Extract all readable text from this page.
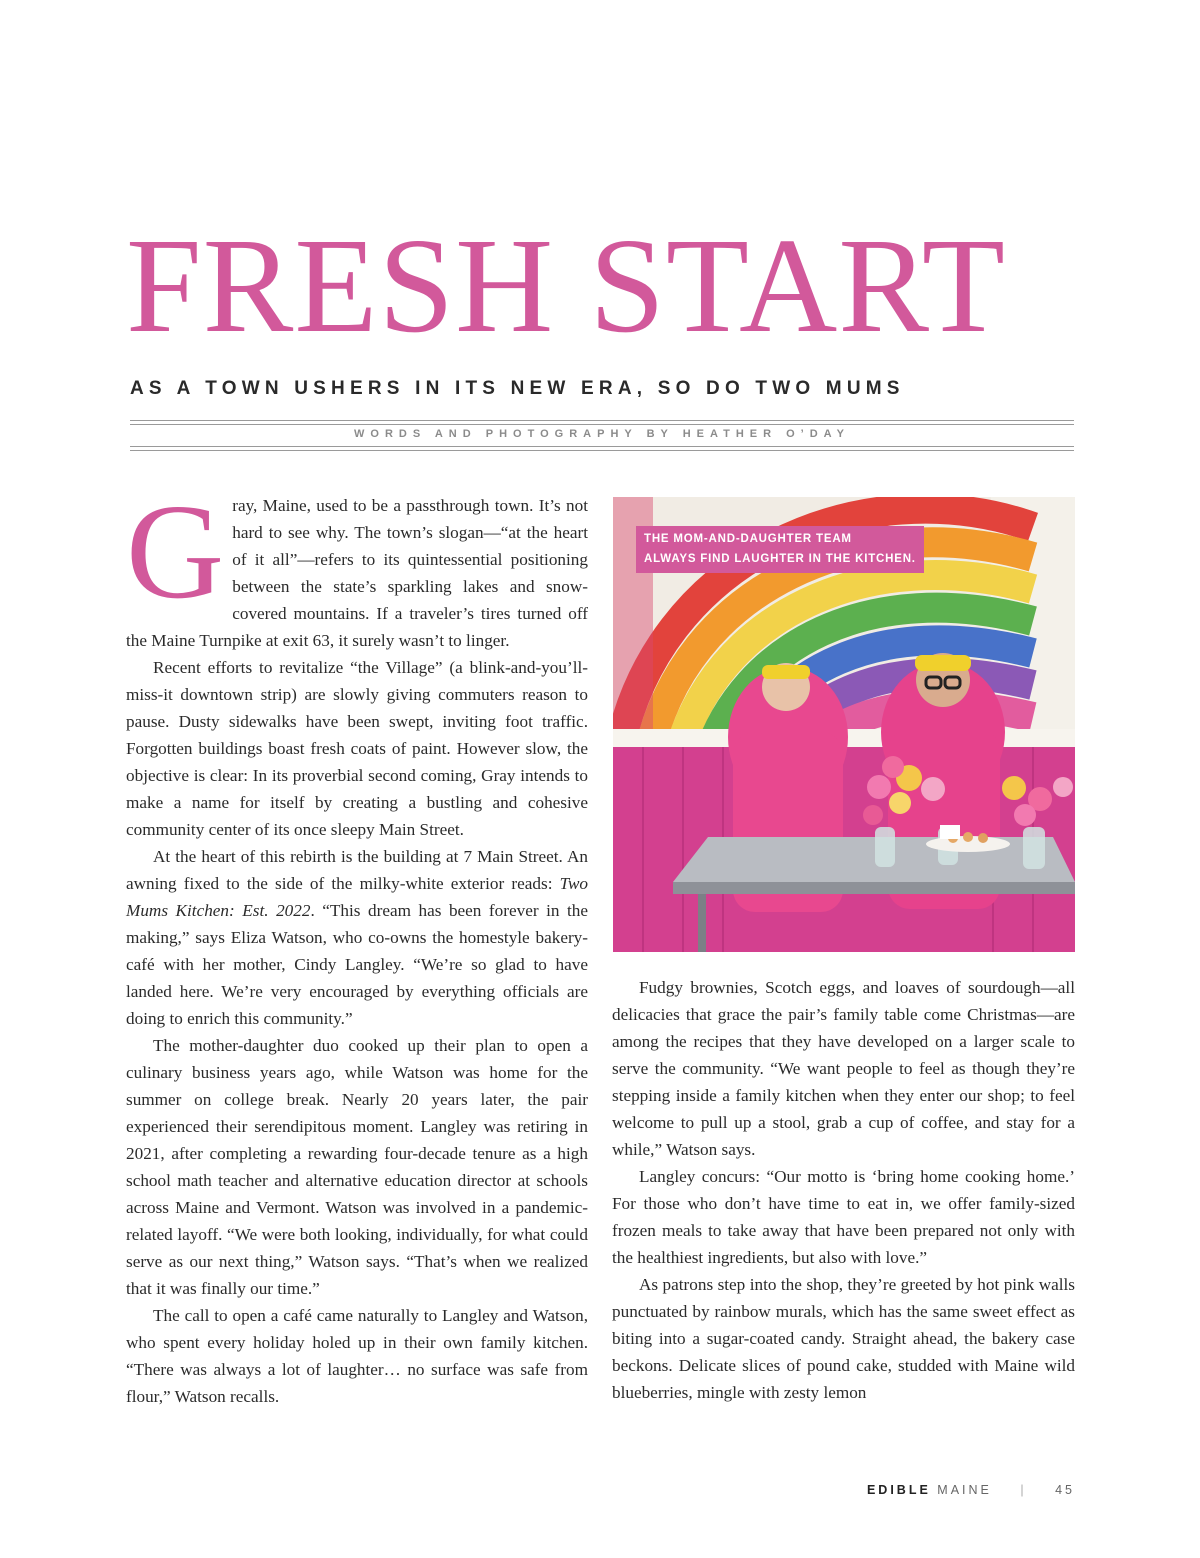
FRESH START
AS A TOWN USHERS IN ITS NEW ERA, SO DO TWO MUMS
WORDS AND PHOTOGRAPHY BY HEATHER O’DAY

Gray, Maine, used to be a passthrough town. It’s not hard to see why. The town’s slogan—“at the heart of it all”—refers to its quintessential positioning between the state’s sparkling lakes and snow-covered mountains. If a traveler’s tires turned off the Maine Turnpike at exit 63, it surely wasn’t to linger.

Recent efforts to revitalize “the Village” (a blink-and-you’ll-miss-it downtown strip) are slowly giving commuters reason to pause. Dusty sidewalks have been swept, inviting foot traffic. Forgotten buildings boast fresh coats of paint. However slow, the objective is clear: In its proverbial second coming, Gray intends to make a name for itself by creating a bustling and cohesive community center of its once sleepy Main Street.

At the heart of this rebirth is the building at 7 Main Street. An awning fixed to the side of the milky-white exterior reads: Two Mums Kitchen: Est. 2022. “This dream has been forever in the making,” says Eliza Watson, who co-owns the homestyle bakery-café with her mother, Cindy Langley. “We’re so glad to have landed here. We’re very encouraged by everything officials are doing to enrich this community.”

The mother-daughter duo cooked up their plan to open a culinary business years ago, while Watson was home for the summer on college break. Nearly 20 years later, the pair experienced their serendipitous moment. Langley was retiring in 2021, after completing a rewarding four-decade tenure as a high school math teacher and alternative education director at schools across Maine and Vermont. Watson was involved in a pandemic-related layoff. “We were both looking, individually, for what could serve as our next thing,” Watson says. “That’s when we realized that it was finally our time.”

The call to open a café came naturally to Langley and Watson, who spent every holiday holed up in their own family kitchen. “There was always a lot of laughter… no surface was safe from flour,” Watson recalls.

THE MOM-AND-DAUGHTER TEAM
ALWAYS FIND LAUGHTER IN THE KITCHEN.

Fudgy brownies, Scotch eggs, and loaves of sourdough—all delicacies that grace the pair’s family table come Christmas—are among the recipes that they have developed on a larger scale to serve the community. “We want people to feel as though they’re stepping inside a family kitchen when they enter our shop; to feel welcome to pull up a stool, grab a cup of coffee, and stay for a while,” Watson says.

Langley concurs: “Our motto is ‘bring home cooking home.’ For those who don’t have time to eat in, we offer family-sized frozen meals to take away that have been prepared not only with the healthiest ingredients, but also with love.”

As patrons step into the shop, they’re greeted by hot pink walls punctuated by rainbow murals, which has the same sweet effect as biting into a sugar-coated candy. Straight ahead, the bakery case beckons. Delicate slices of pound cake, studded with Maine wild blueberries, mingle with zesty lemon

EDIBLE MAINE | 45
